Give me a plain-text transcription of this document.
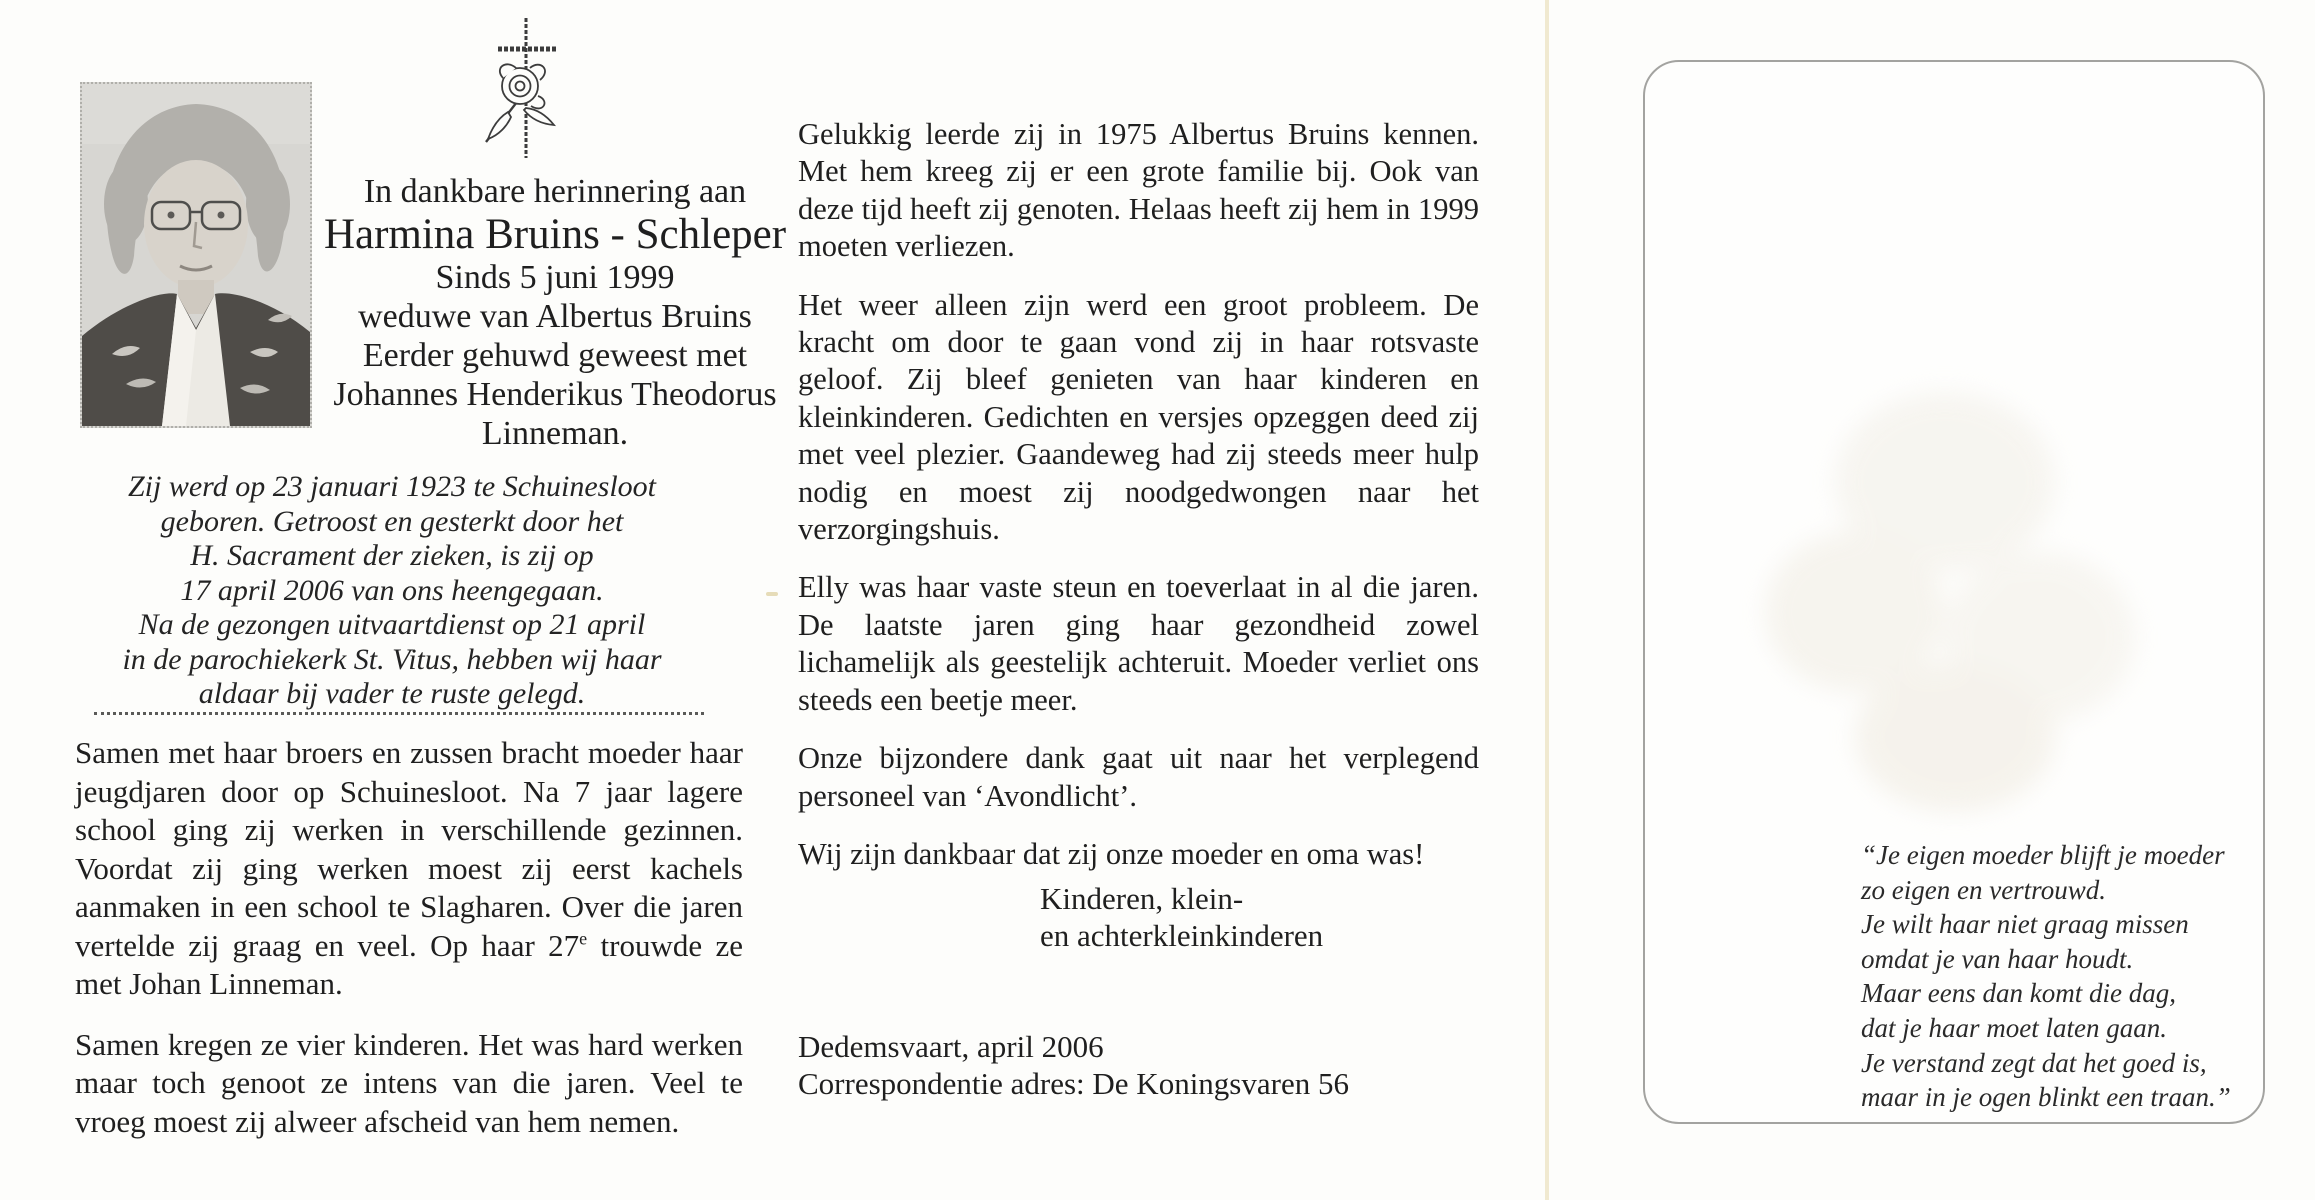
In dankbare herinnering aan
Harmina Bruins - Schleper
Sinds 5 juni 1999
weduwe van Albertus Bruins
Eerder gehuwd geweest met
Johannes Henderikus Theodorus
Linneman.
Zij werd op 23 januari 1923 te Schuinesloot
geboren. Getroost en gesterkt door het
H. Sacrament der zieken, is zij op
17 april 2006 van ons heengegaan.
Na de gezongen uitvaartdienst op 21 april
in de parochiekerk St. Vitus, hebben wij haar
aldaar bij vader te ruste gelegd.

Samen met haar broers en zussen bracht moeder haar jeugdjaren door op Schuinesloot. Na 7 jaar lagere school ging zij werken in verschillende gezinnen. Voordat zij ging werken moest zij eerst kachels aanmaken in een school te Slagharen. Over die jaren vertelde zij graag en veel. Op haar 27e trouwde ze met Johan Linneman.

Samen kregen ze vier kinderen. Het was hard werken maar toch genoot ze intens van die jaren. Veel te vroeg moest zij alweer afscheid van hem nemen.

Gelukkig leerde zij in 1975 Albertus Bruins kennen. Met hem kreeg zij er een grote familie bij. Ook van deze tijd heeft zij genoten. Helaas heeft zij hem in 1999 moeten verliezen.

Het weer alleen zijn werd een groot probleem. De kracht om door te gaan vond zij in haar rotsvaste geloof. Zij bleef genieten van haar kinderen en kleinkinderen. Gedichten en versjes opzeggen deed zij met veel plezier. Gaandeweg had zij steeds meer hulp nodig en moest zij noodgedwongen naar het verzorgingshuis.

Elly was haar vaste steun en toeverlaat in al die jaren. De laatste jaren ging haar gezondheid zowel lichamelijk als geestelijk achteruit. Moeder verliet ons steeds een beetje meer.

Onze bijzondere dank gaat uit naar het verplegend personeel van ‘Avondlicht’.

Wij zijn dankbaar dat zij onze moeder en oma was!

Kinderen, klein-
en achterkleinkinderen
Dedemsvaart, april 2006
Correspondentie adres: De Koningsvaren 56
“Je eigen moeder blijft je moeder
zo eigen en vertrouwd.
Je wilt haar niet graag missen
omdat je van haar houdt.
Maar eens dan komt die dag,
dat je haar moet laten gaan.
Je verstand zegt dat het goed is,
maar in je ogen blinkt een traan.”
